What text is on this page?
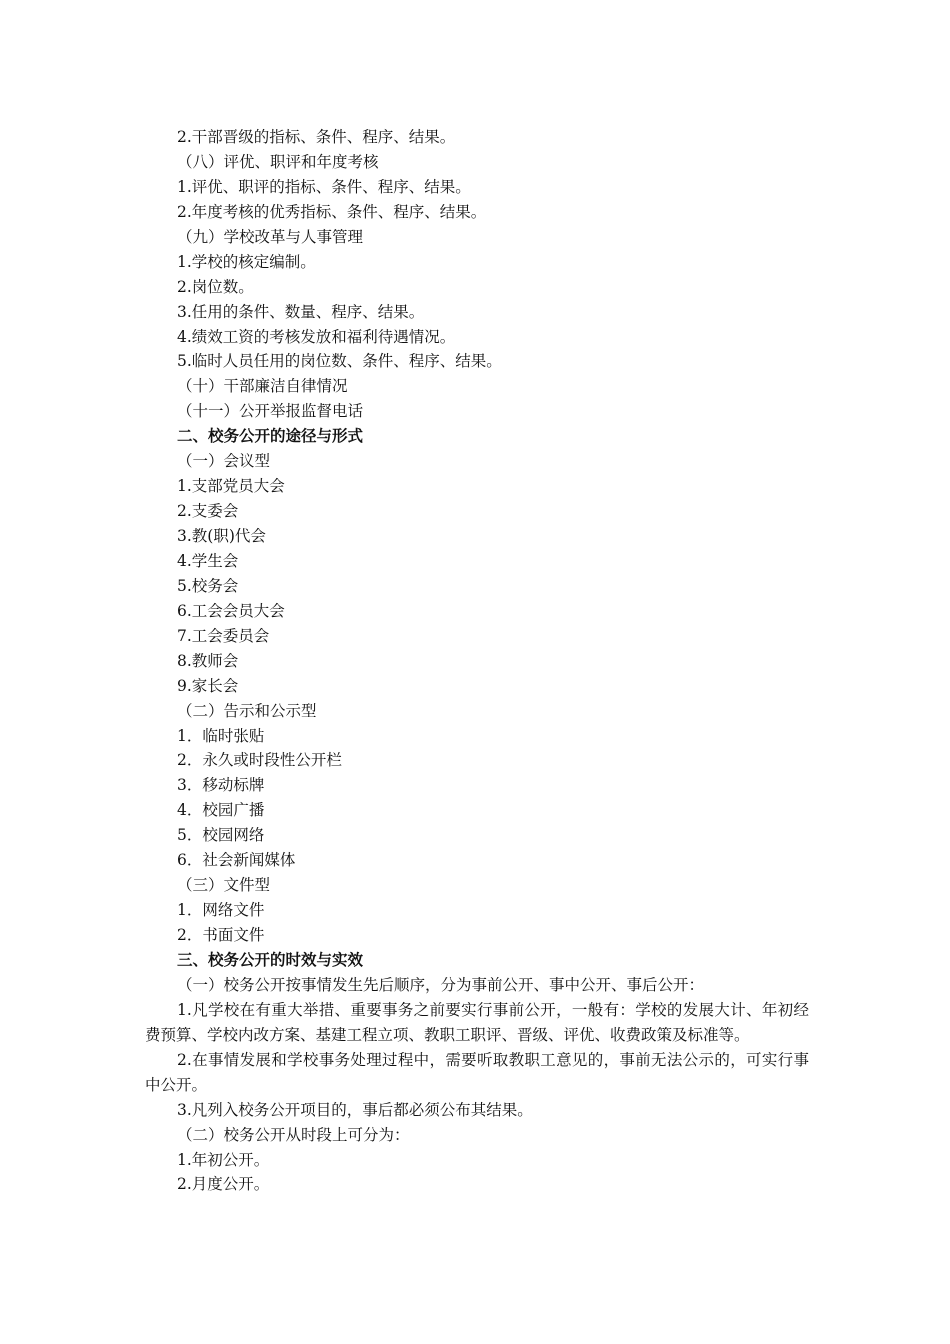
2.干部晋级的指标、条件、程序、结果。
（八）评优、职评和年度考核
1.评优、职评的指标、条件、程序、结果。
2.年度考核的优秀指标、条件、程序、结果。
（九）学校改革与人事管理
1.学校的核定编制。
2.岗位数。
3.任用的条件、数量、程序、结果。
4.绩效工资的考核发放和福利待遇情况。
5.临时人员任用的岗位数、条件、程序、结果。
（十）干部廉洁自律情况
（十一）公开举报监督电话
二、校务公开的途径与形式
（一）会议型
1.支部党员大会
2.支委会
3.教(职)代会
4.学生会
5.校务会
6.工会会员大会
7.工会委员会
8.教师会
9.家长会
（二）告示和公示型
1．临时张贴
2．永久或时段性公开栏
3．移动标牌
4．校园广播
5．校园网络
6．社会新闻媒体
（三）文件型
1．网络文件
2．书面文件
三、校务公开的时效与实效
（一）校务公开按事情发生先后顺序，分为事前公开、事中公开、事后公开：
1.凡学校在有重大举措、重要事务之前要实行事前公开，一般有：学校的发展大计、年初经费预算、学校内改方案、基建工程立项、教职工职评、晋级、评优、收费政策及标准等。
2.在事情发展和学校事务处理过程中，需要听取教职工意见的，事前无法公示的，可实行事中公开。
3.凡列入校务公开项目的，事后都必须公布其结果。
（二）校务公开从时段上可分为：
1.年初公开。
2.月度公开。
